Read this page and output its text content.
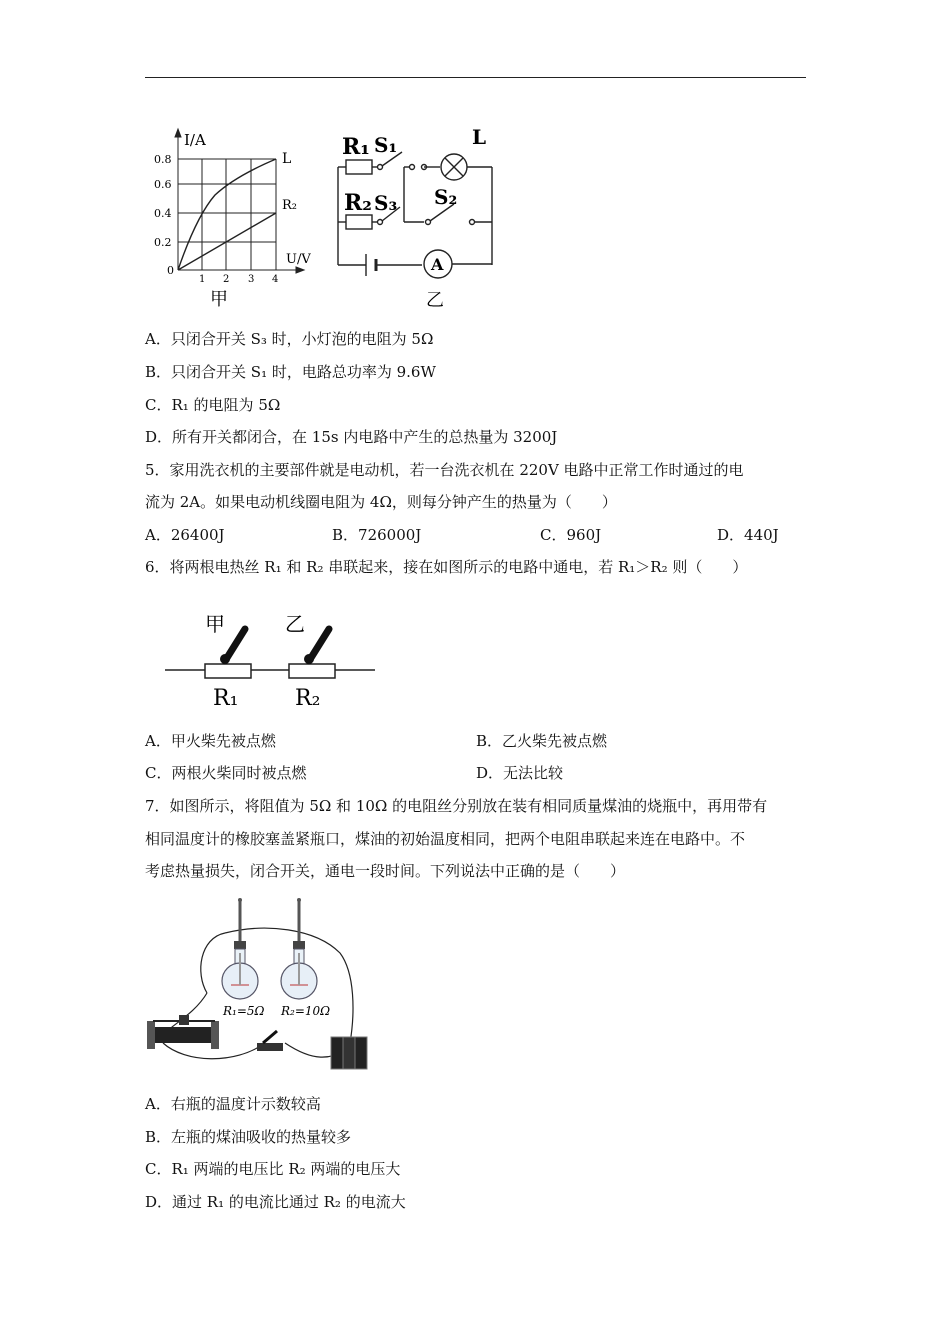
I/A
U/V
0.8
0.6
0.4
0.2
0
1 2 3 4
L
R₂
甲
R₁ S₁
R₂ S₃ S₂
L
A
乙
A．只闭合开关 S₃ 时，小灯泡的电阻为 5Ω
B．只闭合开关 S₁ 时，电路总功率为 9.6W
C．R₁ 的电阻为 5Ω
D．所有开关都闭合，在 15s 内电路中产生的总热量为 3200J
5．家用洗衣机的主要部件就是电动机，若一台洗衣机在 220V 电路中正常工作时通过的电
流为 2A。如果电动机线圈电阻为 4Ω，则每分钟产生的热量为（　　）
A．26400J	B．726000J	C．960J	D．440J
6．将两根电热丝 R₁ 和 R₂ 串联起来，接在如图所示的电路中通电，若 R₁＞R₂ 则（　　）
甲	乙
R₁	R₂
A．甲火柴先被点燃	B．乙火柴先被点燃
C．两根火柴同时被点燃	D．无法比较
7．如图所示，将阻值为 5Ω 和 10Ω 的电阻丝分别放在装有相同质量煤油的烧瓶中，再用带有
相同温度计的橡胶塞盖紧瓶口，煤油的初始温度相同，把两个电阻串联起来连在电路中。不
考虑热量损失，闭合开关，通电一段时间。下列说法中正确的是（　　）
R₁=5Ω R₂=10Ω
A．右瓶的温度计示数较高
B．左瓶的煤油吸收的热量较多
C．R₁ 两端的电压比 R₂ 两端的电压大
D．通过 R₁ 的电流比通过 R₂ 的电流大
